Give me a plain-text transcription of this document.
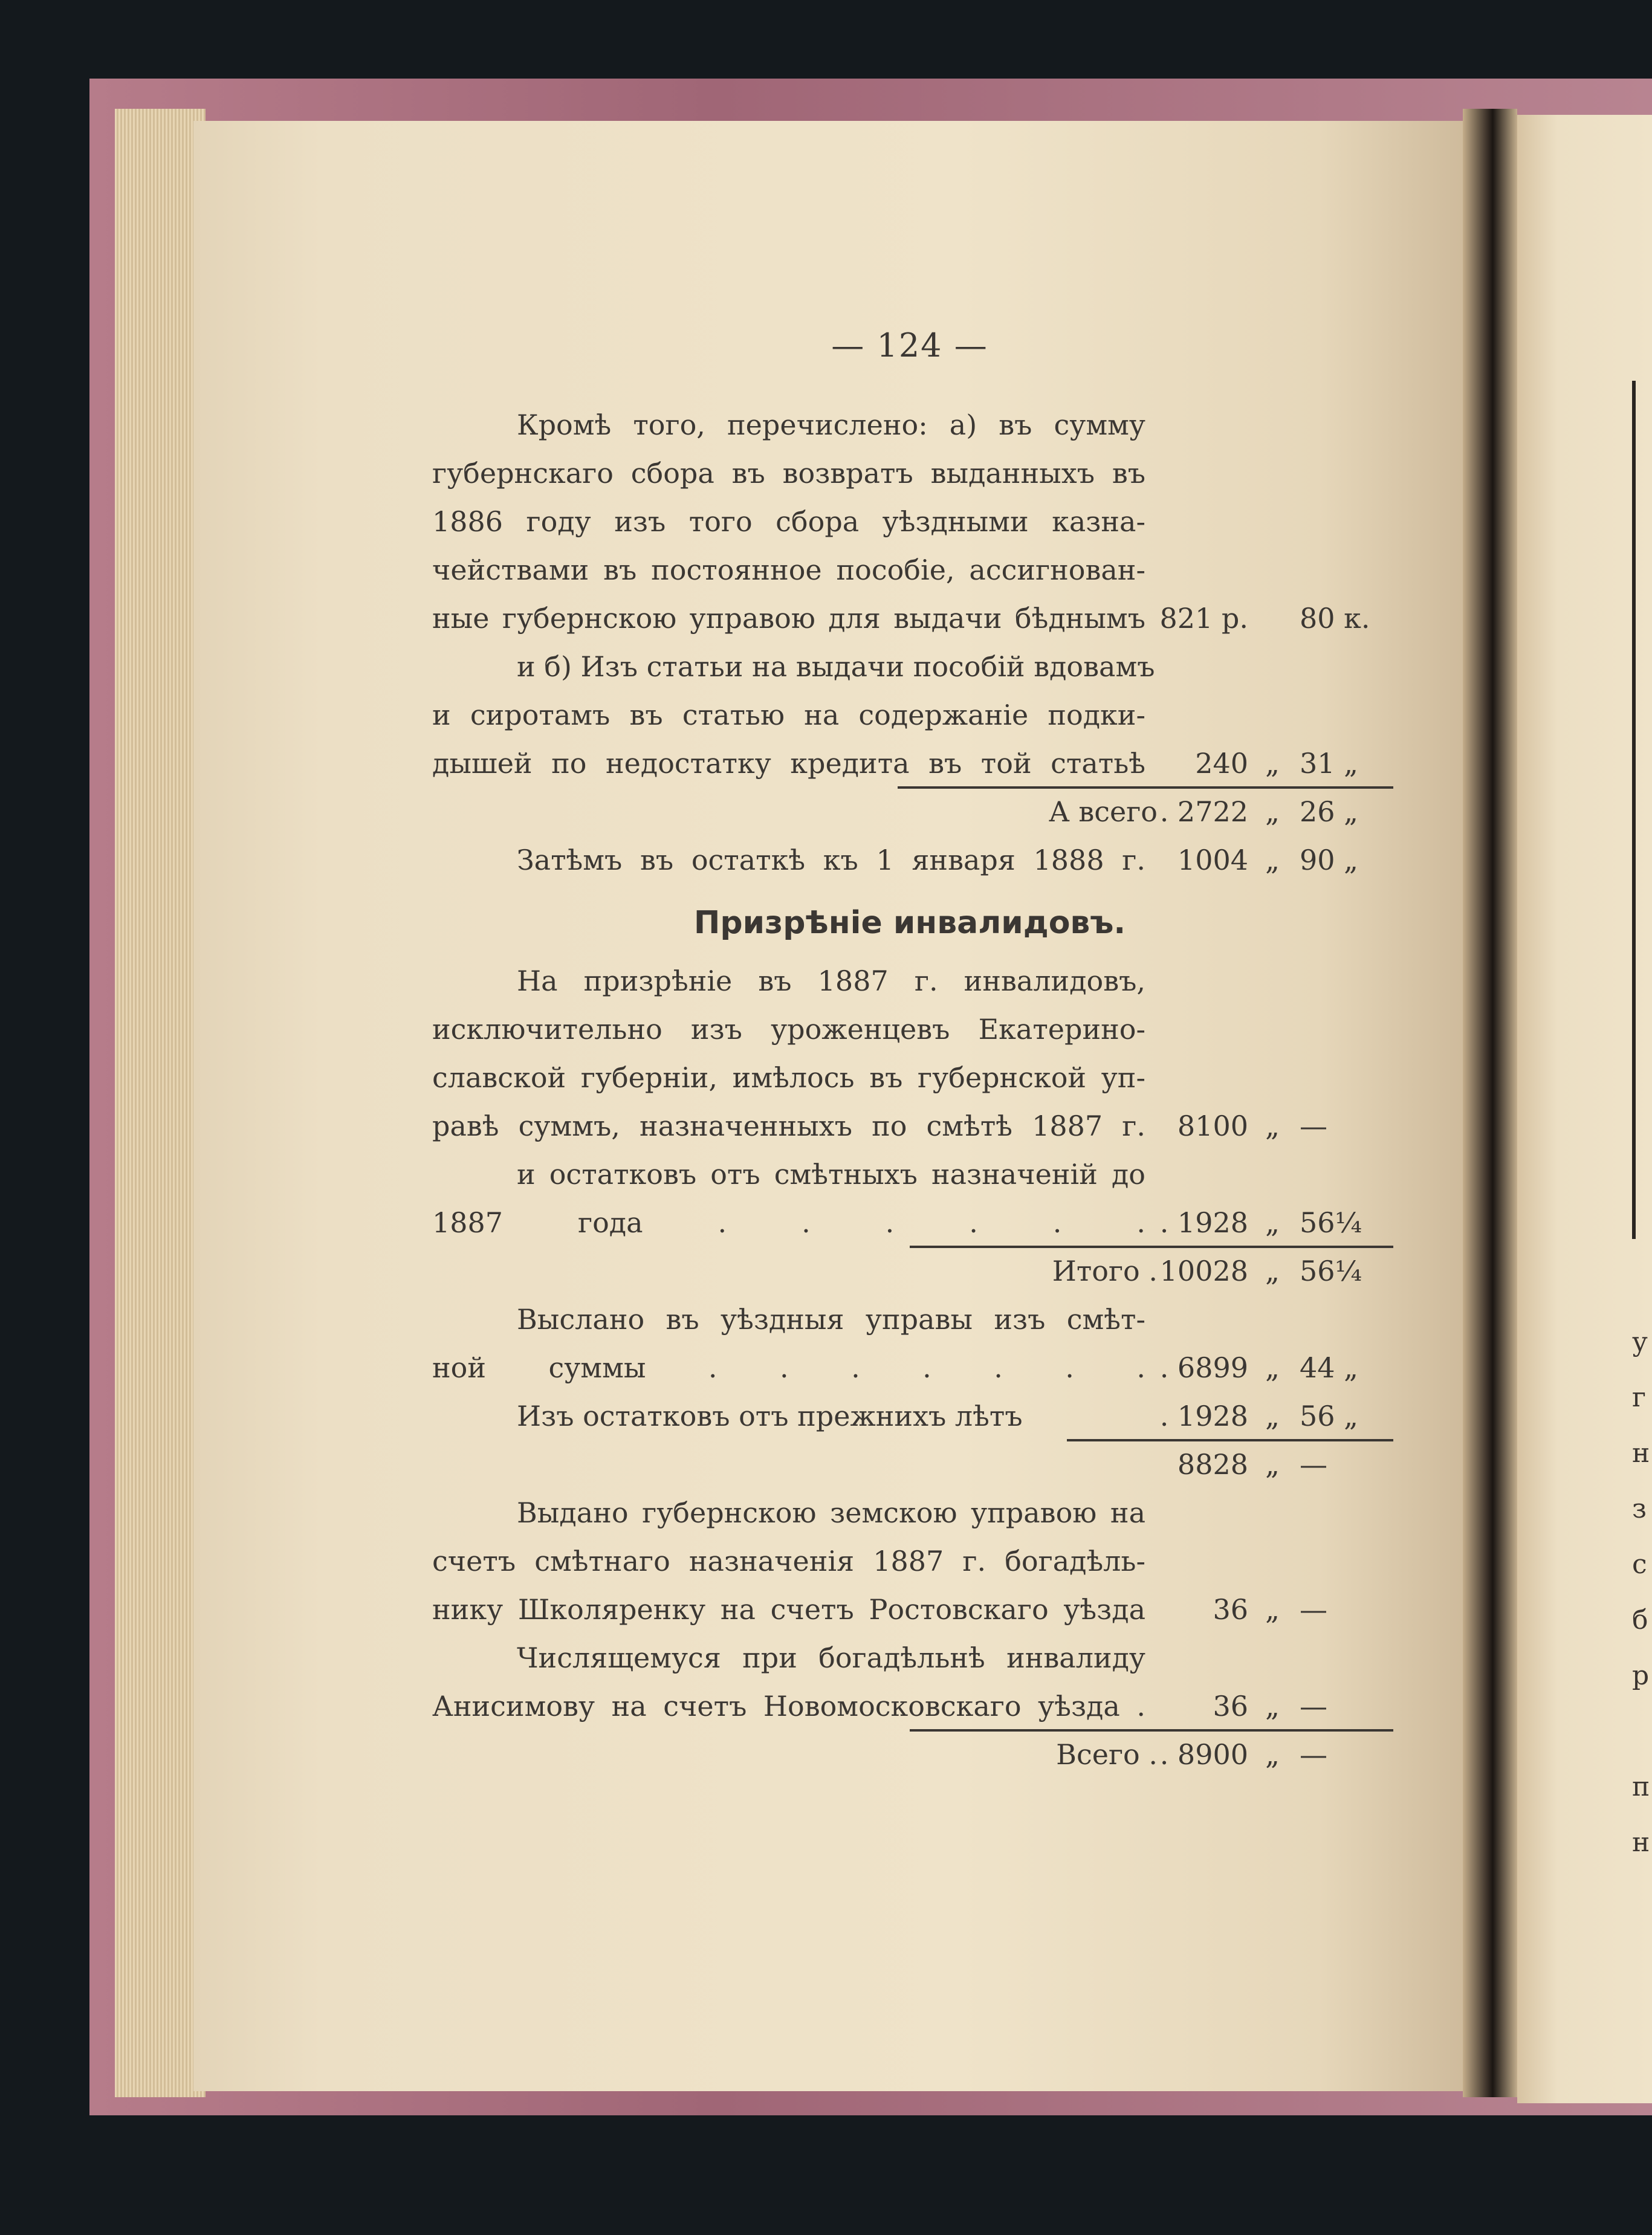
у
г
н
з
с
б
р
п
н
— 124 —
Кромѣ того, перечислено: а) въ сумму
губернскаго сбора въ возвратъ выданныхъ въ
1886 году изъ того сбора уѣздными казна-
чействами въ постоянное пособіе, ассигнован-
ные губернскою управою для выдачи бѣднымъ 821 р. 80 к.
и б) Изъ статьи на выдачи пособій вдовамъ
и сиротамъ въ статью на содержаніе подки-
дышей по недостатку кредита въ той статьѣ 240 „ 31 „
А всего . 2722 „ 26 „
Затѣмъ въ остаткѣ къ 1 января 1888 г. 1004 „ 90 „
Призрѣніе инвалидовъ.
На призрѣніе въ 1887 г. инвалидовъ,
исключительно изъ уроженцевъ Екатерино-
славской губерніи, имѣлось въ губернской уп-
равѣ суммъ, назначенныхъ по смѣтѣ 1887 г. 8100 „ —
и остатковъ отъ смѣтныхъ назначеній до
1887 года . . . . . . . 1928 „ 56¼
Итого . 10028 „ 56¼
Выслано въ уѣздныя управы изъ смѣт-
ной суммы . . . . . . . . 6899 „ 44 „
Изъ остатковъ отъ прежнихъ лѣтъ	. 1928 „ 56 „
8828 „ —
Выдано губернскою земскою управою на
счетъ смѣтнаго назначенія 1887 г. богадѣль-
нику Школяренку на счетъ Ростовскаго уѣзда 36 „ —
Числящемуся при богадѣльнѣ инвалиду
Анисимову на счетъ Новомосковскаго уѣзда . 36 „ —
Всего . . 8900 „ —
